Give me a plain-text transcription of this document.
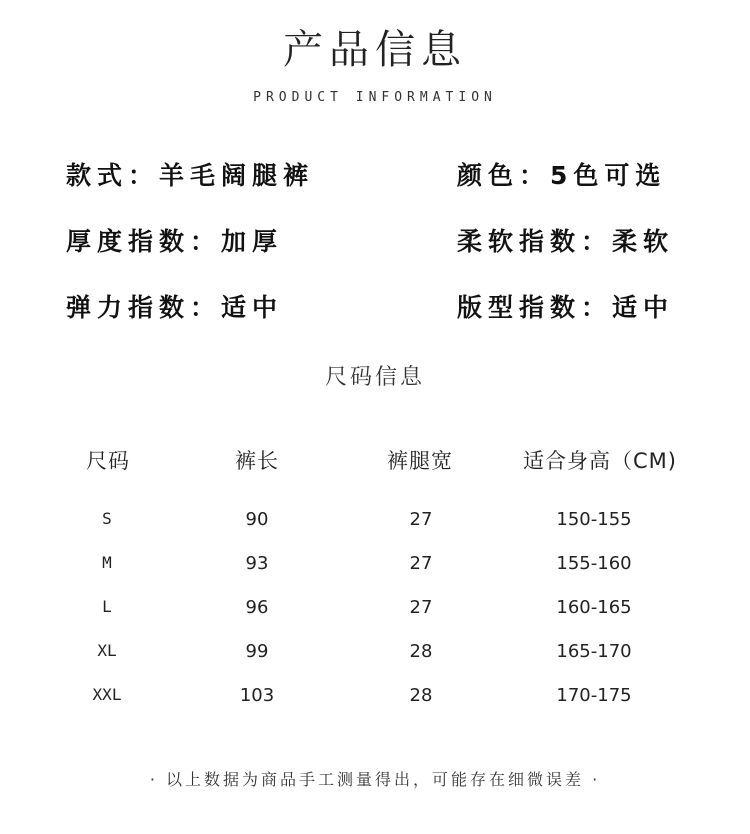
产品信息
PRODUCT INFORMATION
款式：羊毛阔腿裤	颜色：5色可选
厚度指数：加厚	柔软指数：柔软
弹力指数：适中	版型指数：适中
尺码信息
尺码	裤长	裤腿宽	适合身高（CM)
S	90	27	150-155
M	93	27	155-160
L	96	27	160-165
XL	99	28	165-170
XXL	103	28	170-175
· 以上数据为商品手工测量得出，可能存在细微误差 ·
